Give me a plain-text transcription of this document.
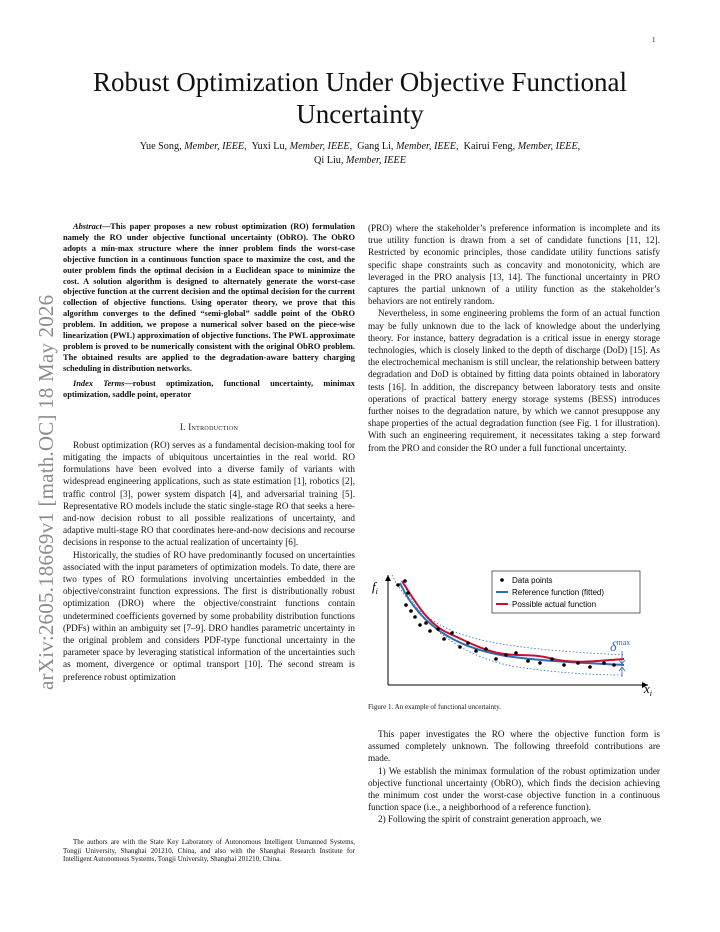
1
arXiv:2605.18669v1 [math.OC] 18 May 2026
Robust Optimization Under Objective Functional Uncertainty
Yue Song, Member, IEEE, Yuxi Lu, Member, IEEE, Gang Li, Member, IEEE, Kairui Feng, Member, IEEE,
Qi Liu, Member, IEEE

Abstract—This paper proposes a new robust optimization (RO) formulation namely the RO under objective functional uncertainty (ObRO). The ObRO adopts a min-max structure where the inner problem finds the worst-case objective function in a continuous function space to maximize the cost, and the outer problem finds the optimal decision in a Euclidean space to minimize the cost. A solution algorithm is designed to alternately generate the worst-case objective function at the current decision and the optimal decision for the current collection of objective functions. Using operator theory, we prove that this algorithm converges to the defined “semi-global” saddle point of the ObRO problem. In addition, we propose a numerical solver based on the piece-wise linearization (PWL) approximation of objective functions. The PWL approximate problem is proved to be numerically consistent with the original ObRO problem. The obtained results are applied to the degradation-aware battery charging scheduling in distribution networks.

Index Terms—robust optimization, functional uncertainty, minimax optimization, saddle point, operator

I. Introduction

Robust optimization (RO) serves as a fundamental decision-making tool for mitigating the impacts of ubiquitous uncertainties in the real world. RO formulations have been evolved into a diverse family of variants with widespread engineering applications, such as state estimation [1], robotics [2], traffic control [3], power system dispatch [4], and adversarial training [5]. Representative RO models include the static single-stage RO that seeks a here-and-now decision robust to all possible realizations of uncertainty, and adaptive multi-stage RO that coordinates here-and-now decisions and recourse decisions in response to the actual realization of uncertainty [6].

Historically, the studies of RO have predominantly focused on uncertainties associated with the input parameters of optimization models. To date, there are two types of RO formulations involving uncertainties embedded in the objective/constraint function expressions. The first is distributionally robust optimization (DRO) where the objective/constraint functions contain undetermined coefficients governed by some probability distribution functions (PDFs) within an ambiguity set [7–9]. DRO handles parametric uncertainty in the original problem and considers PDF-type functional uncertainty in the parameter space by leveraging statistical information of the uncertainties such as moment, divergence or optimal transport [10]. The second stream is preference robust optimization

The authors are with the State Key Laboratory of Autonomous Intelligent Unmanned Systems, Tongji University, Shanghai 201210, China, and also with the Shanghai Research Institute for Intelligent Autonomous Systems, Tongji University, Shanghai 201210, China.

(PRO) where the stakeholder’s preference information is incomplete and its true utility function is drawn from a set of candidate functions [11, 12]. Restricted by economic principles, those candidate utility functions satisfy specific shape constraints such as concavity and monotonicity, which are leveraged in the PRO analysis [13, 14]. The functional uncertainty in PRO captures the partial unknown of a utility function as the stakeholder’s behaviors are not entirely random.

Nevertheless, in some engineering problems the form of an actual function may be fully unknown due to the lack of knowledge about the underlying theory. For instance, battery degradation is a critical issue in energy storage technologies, which is closely linked to the depth of discharge (DoD) [15]. As the electrochemical mechanism is still unclear, the relationship between battery degradation and DoD is obtained by fitting data points obtained in laboratory tests [16]. In addition, the discrepancy between laboratory tests and onsite operations of practical battery energy storage systems (BESS) introduces further noises to the degradation nature, by which we cannot presuppose any shape properties of the actual degradation function (see Fig. 1 for illustration). With such an engineering requirement, it necessitates taking a step forward from the PRO and consider the RO under a full functional uncertainty.

$\delta^{max}$
$f_i$
$x_i$
Data points
Reference function (fitted)
Possible actual function
Figure 1. An example of functional uncertainty.

This paper investigates the RO where the objective function form is assumed completely unknown. The following threefold contributions are made.

1) We establish the minimax formulation of the robust optimization under objective functional uncertainty (ObRO), which finds the decision achieving the minimum cost under the worst-case objective function in a continuous function space (i.e., a neighborhood of a reference function).

2) Following the spirit of constraint generation approach, we
